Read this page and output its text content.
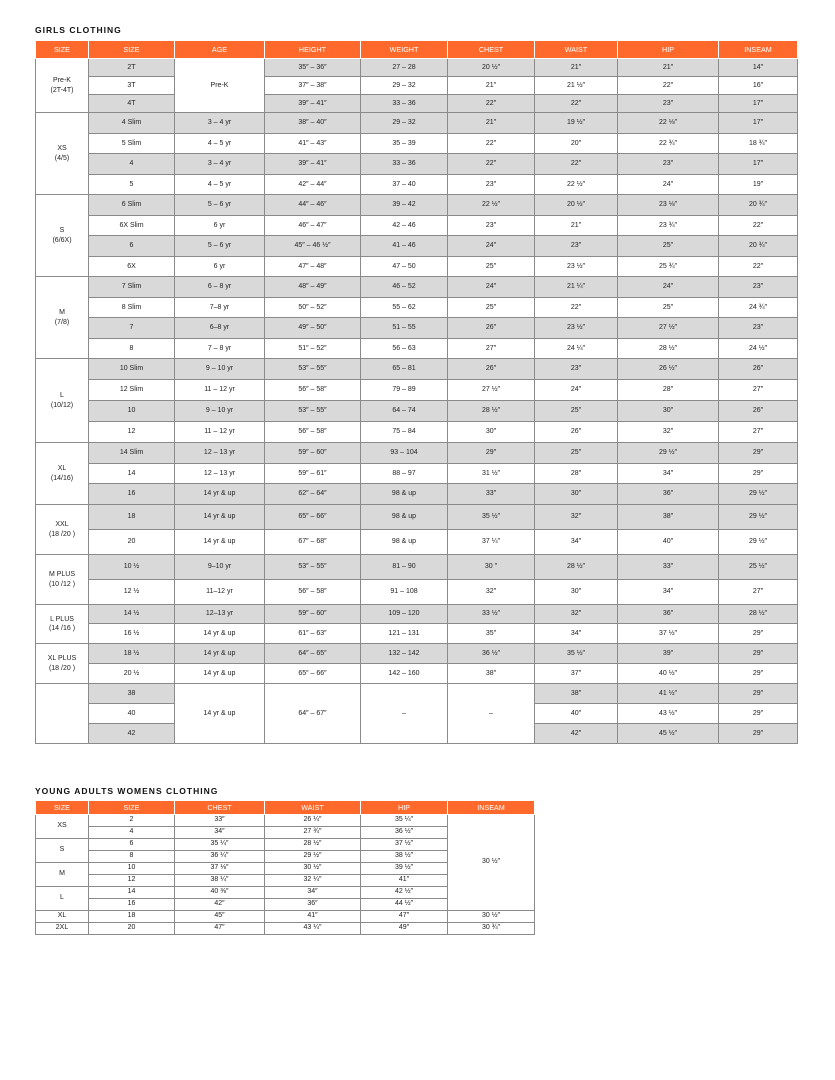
GIRLS CLOTHING
SIZE	SIZE	AGE	HEIGHT	WEIGHT	CHEST	WAIST	HIP	INSEAM
Pre-K
(2T-4T)	2T	Pre-K	35″ – 36″	27 – 28	20 ½″	21″	21″	14″
	3T		37″ – 38″	29 – 32	21″	21 ½″	22″	16″
	4T		39″ – 41″	33 – 36	22″	22″	23″	17″
XS
(4/5)	4 Slim	3 – 4 yr	38″ – 40″	29 – 32	21″	19 ½″	22 ⅛″	17″
	5 Slim	4 – 5 yr	41″ – 43″	35 – 39	22″	20″	22 ¾″	18 ¾″
	4	3 – 4 yr	39″ – 41″	33 – 36	22″	22″	23″	17″
	5	4 – 5 yr	42″ – 44″	37 – 40	23″	22 ½″	24″	19″
S
(6/6X)	6 Slim	5 – 6 yr	44″ – 46″	39 – 42	22 ½″	20 ½″	23 ⅛″	20 ¾″
	6X Slim	6 yr	46″ – 47″	42 – 46	23″	21″	23 ¾″	22″
	6	5 – 6 yr	45″ – 46 ½″	41 – 46	24″	23″	25″	20 ¾″
	6X	6 yr	47″ – 48″	47 – 50	25″	23 ½″	25 ¾″	22″
M
(7/8)	7 Slim	6 – 8 yr	48″ – 49″	46 – 52	24″	21 ¼″	24″	23″
	8 Slim	7–8 yr	50″ – 52″	55 – 62	25″	22″	25″	24 ¾″
	7	6–8 yr	49″ – 50″	51 – 55	26″	23 ½″	27 ½″	23″
	8	7 – 8 yr	51″ – 52″	56 – 63	27″	24 ¼″	28 ½″	24 ½″
L
(10/12)	10 Slim	9 – 10 yr	53″ – 55″	65 – 81	26″	23″	26 ½″	26″
	12 Slim	11 – 12 yr	56″ – 58″	79 – 89	27 ½″	24″	28″	27″
	10	9 – 10 yr	53″ – 55″	64 – 74	28 ½″	25″	30″	26″
	12	11 – 12 yr	56″ – 58″	75 – 84	30″	26″	32″	27″
XL
(14/16)	14 Slim	12 – 13 yr	59″ – 60″	93 – 104	29″	25″	29 ½″	29″
	14	12 – 13 yr	59″ – 61″	88 – 97	31 ½″	28″	34″	29″
	16	14 yr & up	62″ – 64″	98 & up	33″	30″	36″	29 ½″
XXL
(18 /20 )	18	14 yr & up	65″ – 66″	98 & up	35 ½″	32″	38″	29 ½″
	20	14 yr & up	67″ – 68″	98 & up	37 ¼″	34″	40″	29 ½″
M PLUS
(10 /12 )	10 ½	9–10 yr	53″ – 55″	81 – 90	30 ″	28 ½″	33″	25 ½″
	12 ½	11–12 yr	56″ – 58″	91 – 108	32″	30″	34″	27″
L PLUS
(14 /16 )	14 ½	12–13 yr	59″ – 60″	109 – 120	33 ½″	32″	36″	28 ½″
	16 ½	14 yr & up	61″ – 63″	121 – 131	35″	34″	37 ½″	29″
XL PLUS
(18 /20 )	18 ½	14 yr & up	64″ – 65″	132 – 142	36 ½″	35 ½″	39″	29″
	20 ½	14 yr & up	65″ – 66″	142 – 160	38″	37″	40 ½″	29″
	38	14 yr & up	64″ – 67″	–	–	38″	41 ½″	29″
	40					40″	43 ½″	29″
	42					42″	45 ½″	29″
YOUNG ADULTS WOMENS CLOTHING
SIZE	SIZE	CHEST	WAIST	HIP	INSEAM
XS	2	33″	26 ¼″	35 ¼″	30 ½″
	4	34″	27 ¾″	36 ½″	
S	6	35 ¼″	28 ½″	37 ½″	
	8	36 ¼″	29 ½″	38 ½″	
M	10	37 ⅛″	30 ½″	39 ½″	
	12	38 ¼″	32 ¼″	41″	
L	14	40 ⅜″	34″	42 ½″	
	16	42″	36″	44 ½″	
XL	18	45″	41″	47″	30 ½″
2XL	20	47″	43 ¼″	49″	30 ¾″
